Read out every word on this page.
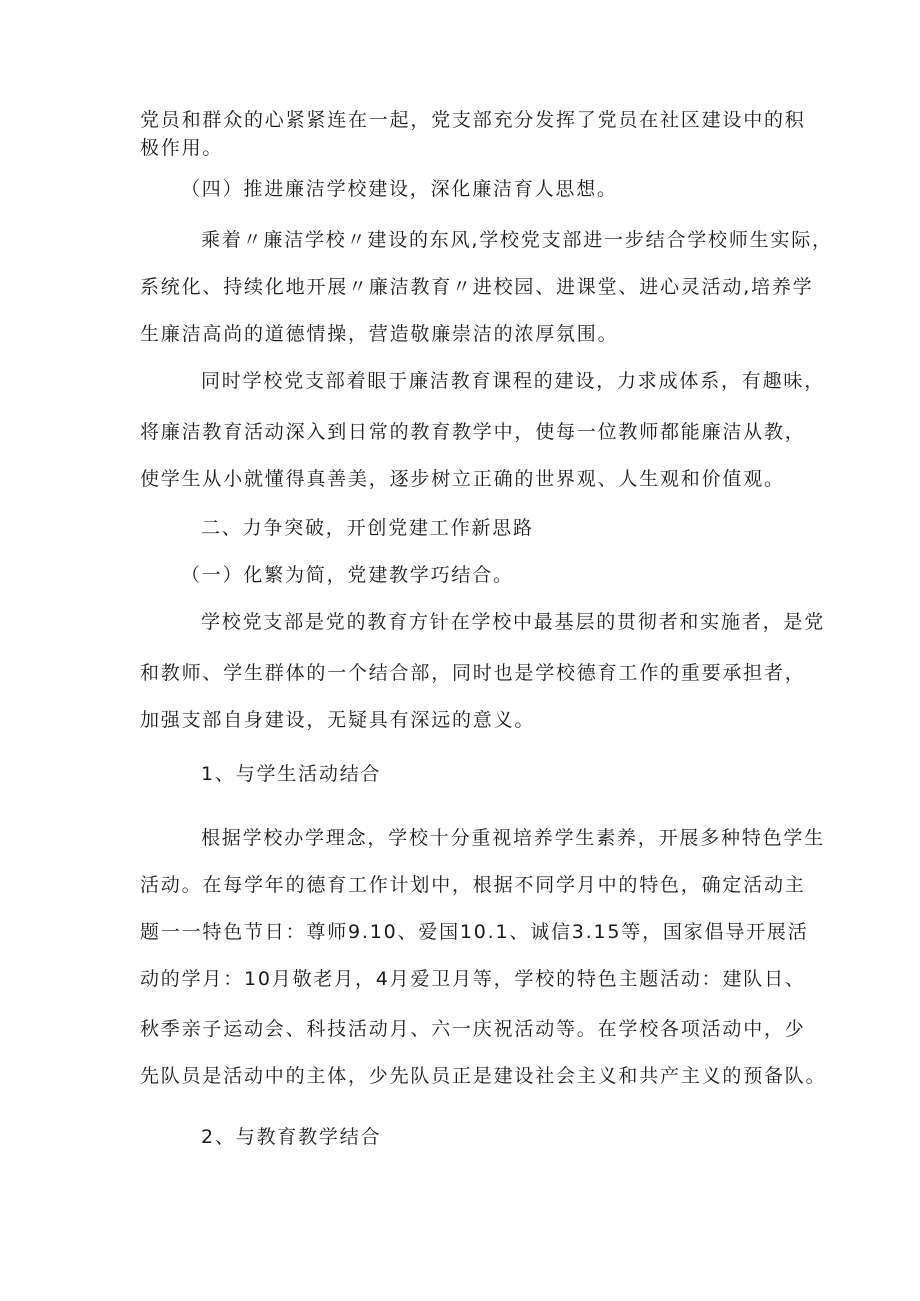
党员和群众的心紧紧连在一起，党支部充分发挥了党员在社区建设中的积
极作用。
（四）推进廉洁学校建设，深化廉洁育人思想。
乘着〃廉洁学校〃建设的东风,学校党支部进一步结合学校师生实际，
系统化、持续化地开展〃廉洁教育〃进校园、进课堂、进心灵活动,培养学
生廉洁高尚的道德情操，营造敬廉崇洁的浓厚氛围。
同时学校党支部着眼于廉洁教育课程的建设，力求成体系，有趣味，
将廉洁教育活动深入到日常的教育教学中，使每一位教师都能廉洁从教，
使学生从小就懂得真善美，逐步树立正确的世界观、人生观和价值观。
二、力争突破，开创党建工作新思路
（一）化繁为简，党建教学巧结合。
学校党支部是党的教育方针在学校中最基层的贯彻者和实施者，是党
和教师、学生群体的一个结合部，同时也是学校德育工作的重要承担者，
加强支部自身建设，无疑具有深远的意义。
1、与学生活动结合
根据学校办学理念，学校十分重视培养学生素养，开展多种特色学生
活动。在每学年的德育工作计划中，根据不同学月中的特色，确定活动主
题一一特色节日：尊师9.10、爱国10.1、诚信3.15等，国家倡导开展活
动的学月：10月敬老月，4月爱卫月等，学校的特色主题活动：建队日、
秋季亲子运动会、科技活动月、六一庆祝活动等。在学校各项活动中，少
先队员是活动中的主体，少先队员正是建设社会主义和共产主义的预备队。
2、与教育教学结合
